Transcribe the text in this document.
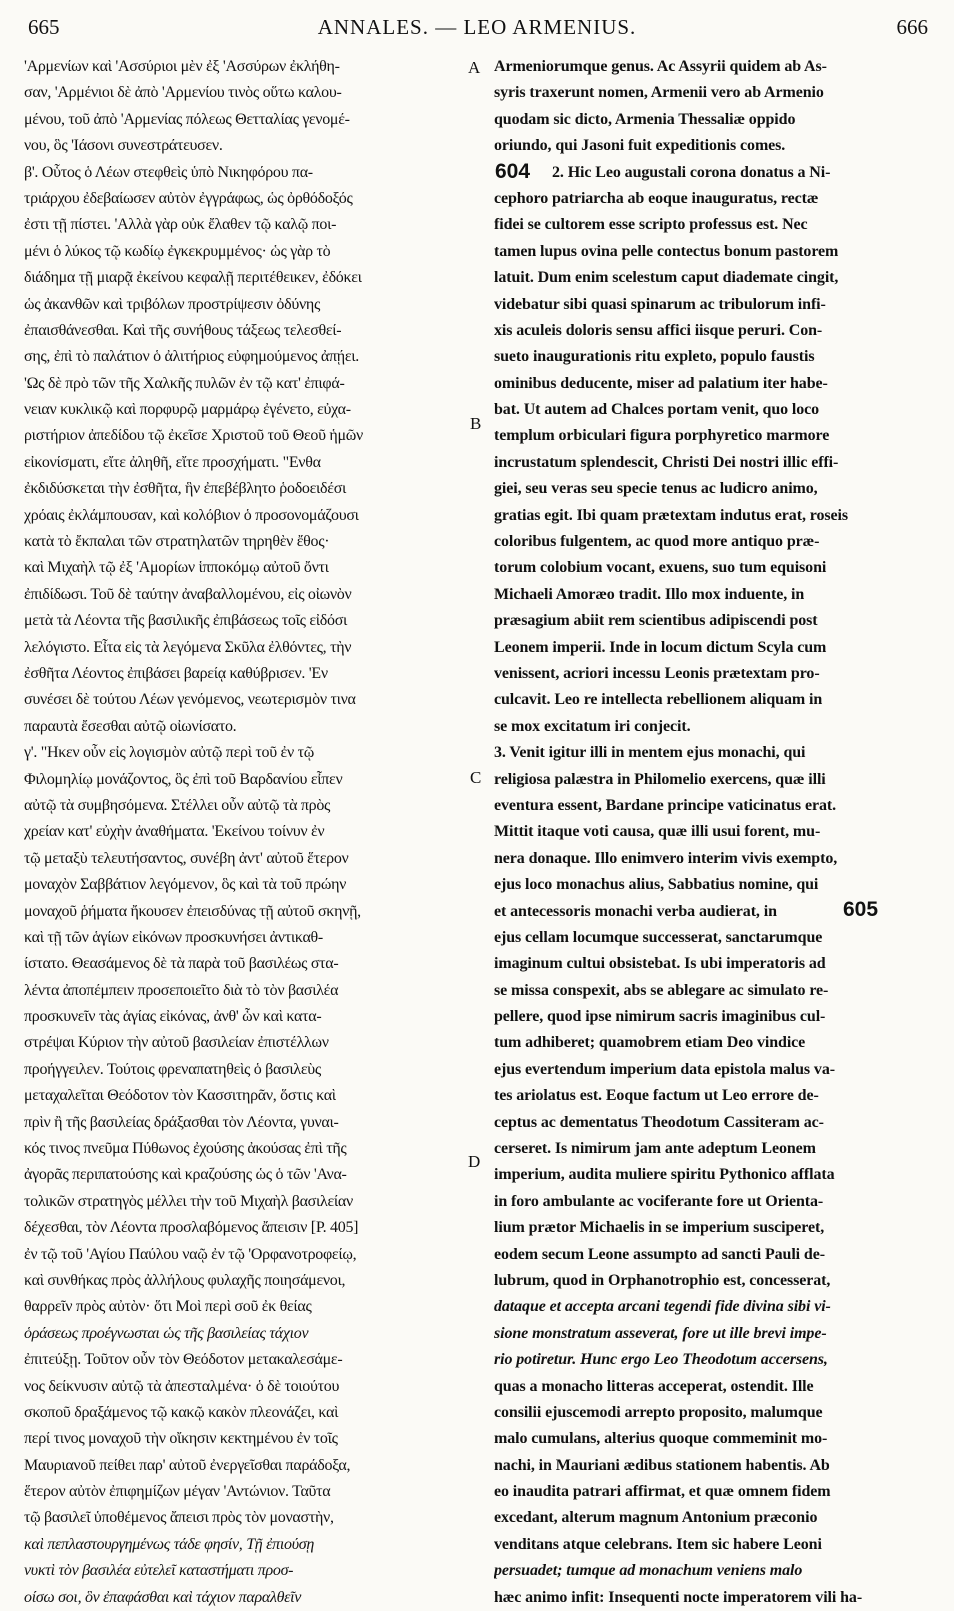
665	ANNALES. — LEO ARMENIUS.	666
'Αρμενίων καὶ 'Ασσύριοι μὲν ἐξ 'Ασσύρων ἐκλήθη-
σαν, 'Αρμένιοι δὲ ἀπὸ 'Αρμενίου τινὸς οὕτω καλου-
μένου, τοῦ ἀπὸ 'Αρμενίας πόλεως Θετταλίας γενομέ-
νου, ὃς 'Ιάσονι συνεστράτευσεν.
β'. Οὗτος ὁ Λέων στεφθεὶς ὑπὸ Νικηφόρου πα-
τριάρχου ἐδεβαίωσεν αὐτὸν ἐγγράφως, ὡς ὀρθόδοξός
ἐστι τῇ πίστει. 'Αλλὰ γὰρ οὐκ ἔλαθεν τῷ καλῷ ποι-
μένι ὁ λύκος τῷ κωδίῳ ἐγκεκρυμμένος· ὡς γὰρ τὸ
διάδημα τῇ μιαρᾷ ἐκείνου κεφαλῇ περιτέθεικεν, ἐδόκει
ὡς ἀκανθῶν καὶ τριβόλων προστρίψεσιν ὀδύνης
ἐπαισθάνεσθαι. Καὶ τῆς συνήθους τάξεως τελεσθεί-
σης, ἐπὶ τὸ παλάτιον ὁ ἀλιτήριος εὐφημούμενος ἀπῄει.
'Ως δὲ πρὸ τῶν τῆς Χαλκῆς πυλῶν ἐν τῷ κατ' ἐπιφά-
νειαν κυκλικῷ καὶ πορφυρῷ μαρμάρῳ ἐγένετο, εὐχα-
ριστήριον ἀπεδίδου τῷ ἐκεῖσε Χριστοῦ τοῦ Θεοῦ ἡμῶν
εἰκονίσματι, εἴτε ἀληθῆ, εἴτε προσχήματι. "Ενθα
ἐκδιδύσκεται τὴν ἐσθῆτα, ἣν ἐπεβέβλητο ῥοδοειδέσι
χρόαις ἐκλάμπουσαν, καὶ κολόβιον ὁ προσονομάζουσι
κατὰ τὸ ἔκπαλαι τῶν στρατηλατῶν τηρηθὲν ἔθος·
καὶ Μιχαὴλ τῷ ἐξ 'Αμορίων ἱπποκόμῳ αὐτοῦ ὄντι
ἐπιδίδωσι. Τοῦ δὲ ταύτην ἀναβαλλομένου, εἰς οἰωνὸν
μετὰ τὰ Λέοντα τῆς βασιλικῆς ἐπιβάσεως τοῖς εἰδόσι
λελόγιστο. Εἶτα εἰς τὰ λεγόμενα Σκῦλα ἐλθόντες, τὴν
ἐσθῆτα Λέοντος ἐπιβάσει βαρείᾳ καθύβρισεν. 'Εν
συνέσει δὲ τούτου Λέων γενόμενος, νεωτερισμὸν τινα
παραυτὰ ἔσεσθαι αὐτῷ οἰωνίσατο.
γ'. "Ηκεν οὖν εἰς λογισμὸν αὐτῷ περὶ τοῦ ἐν τῷ
Φιλομηλίῳ μονάζοντος, ὃς ἐπὶ τοῦ Βαρδανίου εἶπεν
αὐτῷ τὰ συμβησόμενα. Στέλλει οὖν αὐτῷ τὰ πρὸς
χρείαν κατ' εὐχὴν ἀναθήματα. 'Εκείνου τοίνυν ἐν
τῷ μεταξὺ τελευτήσαντος, συνέβη ἀντ' αὐτοῦ ἕτερον
μοναχὸν Σαββάτιον λεγόμενον, ὃς καὶ τὰ τοῦ πρώην
μοναχοῦ ῥήματα ἤκουσεν ἐπεισδύνας τῇ αὐτοῦ σκηνῇ,
καὶ τῇ τῶν ἁγίων εἰκόνων προσκυνήσει ἀντικαθ-
ίστατο. Θεασάμενος δὲ τὰ παρὰ τοῦ βασιλέως στα-
λέντα ἀποπέμπειν προσεποιεῖτο διὰ τὸ τὸν βασιλέα
προσκυνεῖν τὰς ἁγίας εἰκόνας, ἀνθ' ὧν καὶ κατα-
στρέψαι Κύριον τὴν αὐτοῦ βασιλείαν ἐπιστέλλων
προήγγειλεν. Τούτοις φρεναπατηθεὶς ὁ βασιλεὺς
μεταχαλεῖται Θεόδοτον τὸν Κασσιτηρᾶν, ὅστις καὶ
πρὶν ἢ τῆς βασιλείας δράξασθαι τὸν Λέοντα, γυναι-
κός τινος πνεῦμα Πύθωνος ἐχούσης ἀκούσας ἐπὶ τῆς
ἀγορᾶς περιπατούσης καὶ κραζούσης ὡς ὁ τῶν 'Ανα-
τολικῶν στρατηγὸς μέλλει τὴν τοῦ Μιχαὴλ βασιλείαν
δέχεσθαι, τὸν Λέοντα προσλαβόμενος ἄπεισιν [P. 405]
ἐν τῷ τοῦ 'Αγίου Παύλου ναῷ ἐν τῷ 'Ορφανοτροφείῳ,
καὶ συνθήκας πρὸς ἀλλήλους φυλαχῆς ποιησάμενοι,
θαρρεῖν πρὸς αὐτὸν· ὅτι Μοὶ περὶ σοῦ ἐκ θείας
ὁράσεως προέγνωσται ὡς τῆς βασιλείας τάχιον
ἐπιτεύξῃ. Τοῦτον οὖν τὸν Θεόδοτον μετακαλεσάμε-
νος δείκνυσιν αὐτῷ τὰ ἀπεσταλμένα· ὁ δὲ τοιούτου
σκοποῦ δραξάμενος τῷ κακῷ κακὸν πλεονάζει, καὶ
περί τινος μοναχοῦ τὴν οἴκησιν κεκτημένου ἐν τοῖς
Μαυριανοῦ πείθει παρ' αὐτοῦ ἐνεργεῖσθαι παράδοξα,
ἕτερον αὐτὸν ἐπιφημίζων μέγαν 'Αντώνιον. Ταῦτα
τῷ βασιλεῖ ὑποθέμενος ἄπεισι πρὸς τὸν μοναστὴν,
καὶ πεπλαστουργημένως τάδε φησίν, Τῇ ἐπιούσῃ
νυκτὶ τὸν βασιλέα εὐτελεῖ καταστήματι προσ-
οίσω σοι, ὃν ἐπαφάσθαι καὶ τάχιον παραλθεῖν
A
B
C
D
Armeniorumque genus. Ac Assyrii quidem ab As-
syris traxerunt nomen, Armenii vero ab Armenio
quodam sic dicto, Armenia Thessaliæ oppido
oriundo, qui Jasoni fuit expeditionis comes.
2. Hic Leo augustali corona donatus a Ni-
cephoro patriarcha ab eoque inauguratus, rectæ
fidei se cultorem esse scripto professus est. Nec
tamen lupus ovina pelle contectus bonum pastorem
latuit. Dum enim scelestum caput diademate cingit,
videbatur sibi quasi spinarum ac tribulorum infi-
xis aculeis doloris sensu affici iisque peruri. Con-
sueto inaugurationis ritu expleto, populo faustis
ominibus deducente, miser ad palatium iter habe-
bat. Ut autem ad Chalces portam venit, quo loco
templum orbiculari figura porphyretico marmore
incrustatum splendescit, Christi Dei nostri illic effi-
giei, seu veras seu specie tenus ac ludicro animo,
gratias egit. Ibi quam prætextam indutus erat, roseis
coloribus fulgentem, ac quod more antiquo præ-
torum colobium vocant, exuens, suo tum equisoni
Michaeli Amoræo tradit. Illo mox induente, in
præsagium abiit rem scientibus adipiscendi post
Leonem imperii. Inde in locum dictum Scyla cum
venissent, acriori incessu Leonis prætextam pro-
culcavit. Leo re intellecta rebellionem aliquam in
se mox excitatum iri conjecit.
3. Venit igitur illi in mentem ejus monachi, qui
religiosa palæstra in Philomelio exercens, quæ illi
eventura essent, Bardane principe vaticinatus erat.
Mittit itaque voti causa, quæ illi usui forent, mu-
nera donaque. Illo enimvero interim vivis exempto,
ejus loco monachus alius, Sabbatius nomine, qui
et antecessoris monachi verba audierat, in
ejus cellam locumque successerat, sanctarumque
imaginum cultui obsistebat. Is ubi imperatoris ad
se missa conspexit, abs se ablegare ac simulato re-
pellere, quod ipse nimirum sacris imaginibus cul-
tum adhiberet; quamobrem etiam Deo vindice
ejus evertendum imperium data epistola malus va-
tes ariolatus est. Eoque factum ut Leo errore de-
ceptus ac dementatus Theodotum Cassiteram ac-
cerseret. Is nimirum jam ante adeptum Leonem
imperium, audita muliere spiritu Pythonico afflata
in foro ambulante ac vociferante fore ut Orienta-
lium prætor Michaelis in se imperium susciperet,
eodem secum Leone assumpto ad sancti Pauli de-
lubrum, quod in Orphanotrophio est, concesserat,
dataque et accepta arcani tegendi fide divina sibi vi-
sione monstratum asseverat, fore ut ille brevi impe-
rio potiretur. Hunc ergo Leo Theodotum accersens,
quas a monacho litteras acceperat, ostendit. Ille
consilii ejuscemodi arrepto proposito, malumque
malo cumulans, alterius quoque commeminit mo-
nachi, in Mauriani ædibus stationem habentis. Ab
eo inaudita patrari affirmat, et quæ omnem fidem
excedant, alterum magnum Antonium præconio
venditans atque celebrans. Item sic habere Leoni
persuadet; tumque ad monachum veniens malo
hæc animo infit: Insequenti nocte imperatorem vili ha-
604
605
